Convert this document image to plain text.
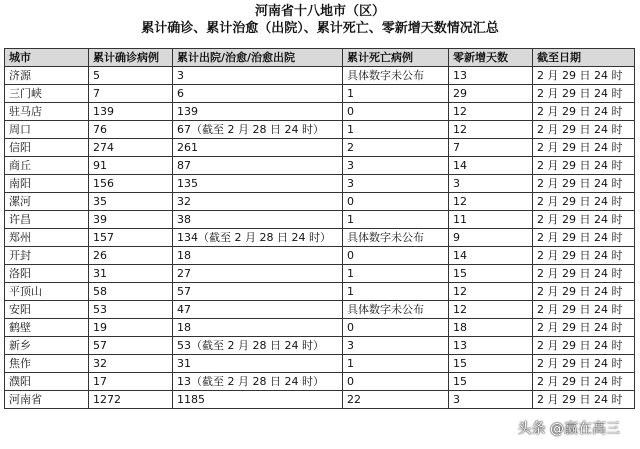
河南省十八地市（区）
累计确诊、累计治愈（出院）、累计死亡、零新增天数情况汇总
城市	累计确诊病例	累计出院/治愈/治愈出院	累计死亡病例	零新增天数	截至日期
济源	5	3	具体数字未公布	13	2 月 29 日 24 时
三门峡	7	6	1	29	2 月 29 日 24 时
驻马店	139	139	0	12	2 月 29 日 24 时
周口	76	67（截至 2 月 28 日 24 时）	1	12	2 月 29 日 24 时
信阳	274	261	2	7	2 月 29 日 24 时
商丘	91	87	3	14	2 月 29 日 24 时
南阳	156	135	3	3	2 月 29 日 24 时
漯河	35	32	0	12	2 月 29 日 24 时
许昌	39	38	1	11	2 月 29 日 24 时
郑州	157	134（截至 2 月 28 日 24 时）	具体数字未公布	9	2 月 29 日 24 时
开封	26	18	0	14	2 月 29 日 24 时
洛阳	31	27	1	15	2 月 29 日 24 时
平顶山	58	57	1	12	2 月 29 日 24 时
安阳	53	47	具体数字未公布	12	2 月 29 日 24 时
鹤壁	19	18	0	18	2 月 29 日 24 时
新乡	57	53（截至 2 月 28 日 24 时）	3	13	2 月 29 日 24 时
焦作	32	31	1	15	2 月 29 日 24 时
濮阳	17	13（截至 2 月 28 日 24 时）	0	15	2 月 29 日 24 时
河南省	1272	1185	22	3	2 月 29 日 24 时
头条 @赢在高三
